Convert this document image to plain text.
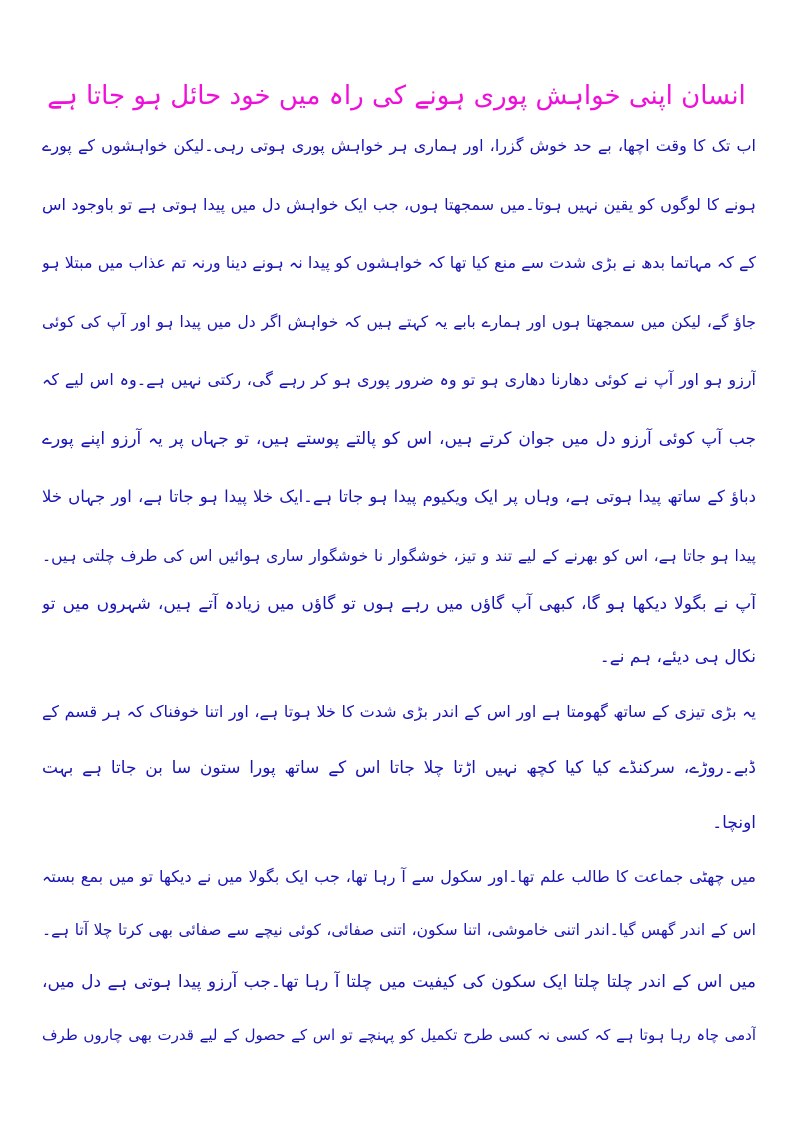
انسان اپنی خواہش پوری ہونے کی راہ میں خود حائل ہو جاتا ہے

اب تک کا وقت اچھا، بے حد خوش گزرا، اور ہماری ہر خواہش پوری ہوتی رہی۔لیکن خواہشوں کے پورے

ہونے کا لوگوں کو یقین نہیں ہوتا۔میں سمجھتا ہوں، جب ایک خواہش دل میں پیدا ہوتی ہے تو باوجود اس

کے کہ مہاتما بدھ نے بڑی شدت سے منع کیا تھا کہ خواہشوں کو پیدا نہ ہونے دینا ورنہ تم عذاب میں مبتلا ہو

جاؤ گے، لیکن میں سمجھتا ہوں اور ہمارے بابے یہ کہتے ہیں کہ خواہش اگر دل میں پیدا ہو اور آپ کی کوئی

آرزو ہو اور آپ نے کوئی دھارنا دھاری ہو تو وہ ضرور پوری ہو کر رہے گی، رکتی نہیں ہے۔وہ اس لیے کہ

جب آپ کوئی آرزو دل میں جوان کرتے ہیں، اس کو پالتے پوستے ہیں، تو جہاں پر یہ آرزو اپنے پورے

دباؤ کے ساتھ پیدا ہوتی ہے، وہاں پر ایک ویکیوم پیدا ہو جاتا ہے۔ایک خلا پیدا ہو جاتا ہے، اور جہاں خلا

پیدا ہو جاتا ہے، اس کو بھرنے کے لیے تند و تیز، خوشگوار نا خوشگوار ساری ہوائیں اس کی طرف چلتی ہیں۔

آپ نے بگولا دیکھا ہو گا، کبھی آپ گاؤں میں رہے ہوں تو گاؤں میں زیادہ آتے ہیں، شہروں میں تو

نکال ہی دیئے، ہم نے۔

یہ بڑی تیزی کے ساتھ گھومتا ہے اور اس کے اندر بڑی شدت کا خلا ہوتا ہے، اور اتنا خوفناک کہ ہر قسم کے

ڈبے۔روڑے، سرکنڈے کیا کیا کچھ نہیں اڑتا چلا جاتا اس کے ساتھ پورا ستون سا بن جاتا ہے بہت

اونچا۔

میں چھٹی جماعت کا طالب علم تھا۔اور سکول سے آ رہا تھا، جب ایک بگولا میں نے دیکھا تو میں بمع بستہ

اس کے اندر گھس گیا۔اندر اتنی خاموشی، اتنا سکون، اتنی صفائی، کوئی نیچے سے صفائی بھی کرتا چلا آتا ہے۔

میں اس کے اندر چلتا چلتا ایک سکون کی کیفیت میں چلتا آ رہا تھا۔جب آرزو پیدا ہوتی ہے دل میں،

آدمی چاہ رہا ہوتا ہے کہ کسی نہ کسی طرح تکمیل کو پہنچے تو اس کے حصول کے لیے قدرت بھی چاروں طرف
